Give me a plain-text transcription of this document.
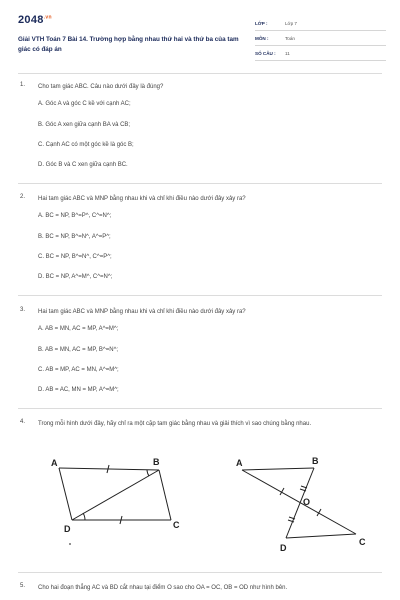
$2048^{.vn}$
Giải VTH Toán 7 Bài 14. Trường hợp bằng nhau thứ hai và thứ ba của tam giác có đáp án
LỚP :	Lớp 7
MÔN :	Toán
SỐ CÂU :	11
1. Cho tam giác ABC. Câu nào dưới đây là đúng?
A. Góc A và góc C kề với cạnh AC;
B. Góc A xen giữa cạnh BA và CB;
C. Cạnh AC có một góc kề là góc B;
D. Góc B và C xen giữa cạnh BC.
2. Hai tam giác ABC và MNP bằng nhau khi và chỉ khi điều nào dưới đây xảy ra?
A. BC = NP, B^=P^, C^=N^;
B. BC = NP, B^=N^, A^=P^;
C. BC = NP, B^=N^, C^=P^;
D. BC = NP, A^=M^, C^=N^;
3. Hai tam giác ABC và MNP bằng nhau khi và chỉ khi điều nào dưới đây xảy ra?
A. AB = MN, AC = MP, A^=M^;
B. AB = MN, AC = MP, B^=N^;
C. AB = MP, AC = MN, A^=M^;
D. AB = AC, MN = MP, A^=M^;
4. Trong mỗi hình dưới đây, hãy chỉ ra một cặp tam giác bằng nhau và giải thích vì sao chúng bằng nhau.
A	B
C
D
A	B
O
C
D
5. Cho hai đoạn thẳng AC và BD cắt nhau tại điểm O sao cho OA = OC, OB = OD như hình bên.
